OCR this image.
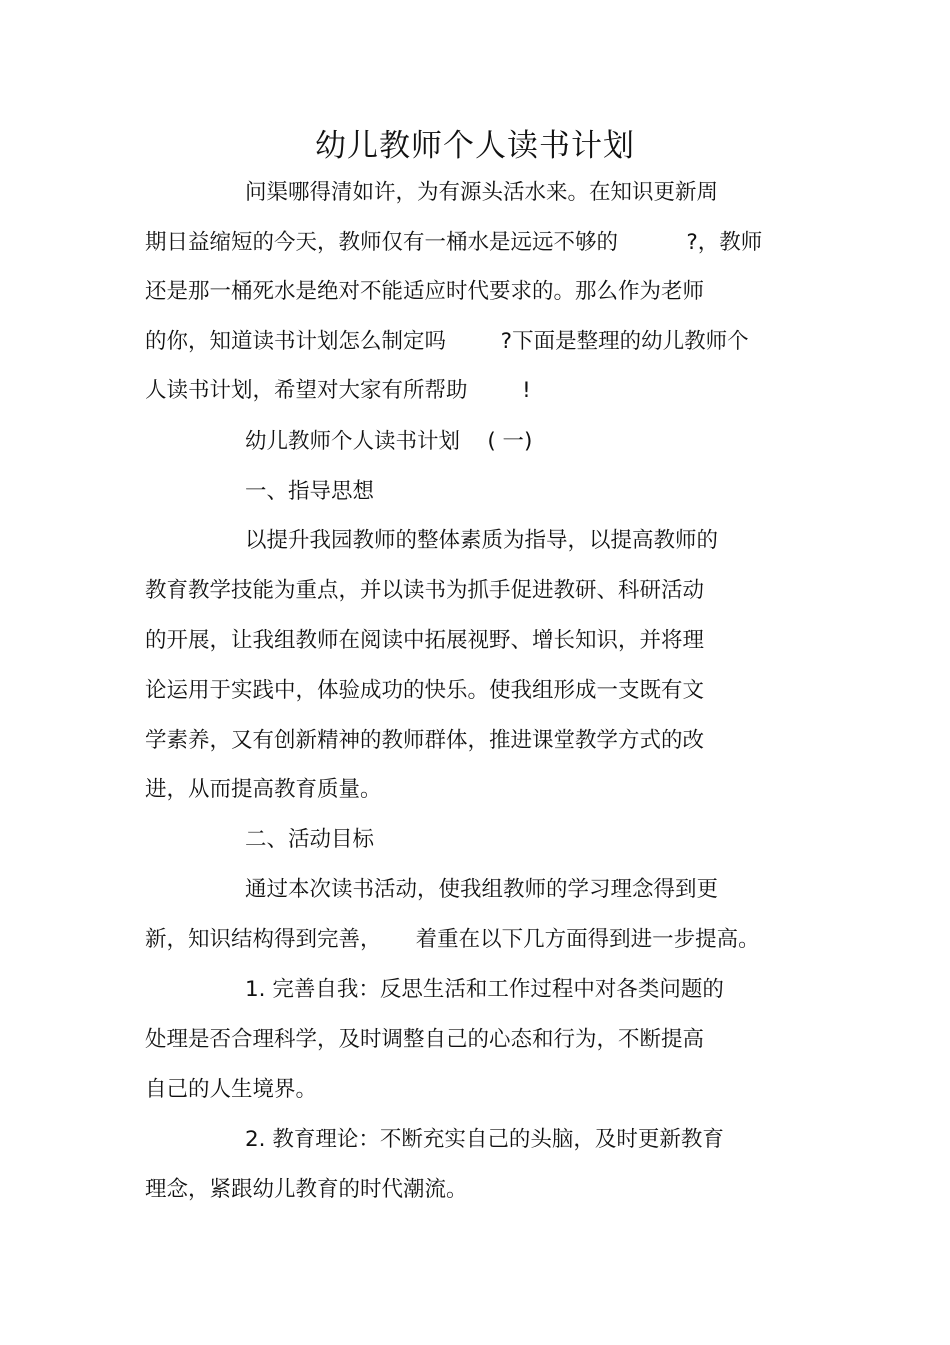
幼儿教师个人读书计划
问渠哪得清如许，为有源头活水来。在知识更新周
期日益缩短的今天，教师仅有一桶水是远远不够的          ?，教师
还是那一桶死水是绝对不能适应时代要求的。那么作为老师
的你，知道读书计划怎么制定吗        ?下面是整理的幼儿教师个
人读书计划，希望对大家有所帮助        !
幼儿教师个人读书计划    ( 一)
一、指导思想
以提升我园教师的整体素质为指导，以提高教师的
教育教学技能为重点，并以读书为抓手促进教研、科研活动
的开展，让我组教师在阅读中拓展视野、增长知识，并将理
论运用于实践中，体验成功的快乐。使我组形成一支既有文
学素养，又有创新精神的教师群体，推进课堂教学方式的改
进，从而提高教育质量。
二、活动目标
通过本次读书活动，使我组教师的学习理念得到更
新，知识结构得到完善，     着重在以下几方面得到进一步提高。
1. 完善自我：反思生活和工作过程中对各类问题的
处理是否合理科学，及时调整自己的心态和行为，不断提高
自己的人生境界。
2. 教育理论：不断充实自己的头脑，及时更新教育
理念，紧跟幼儿教育的时代潮流。
